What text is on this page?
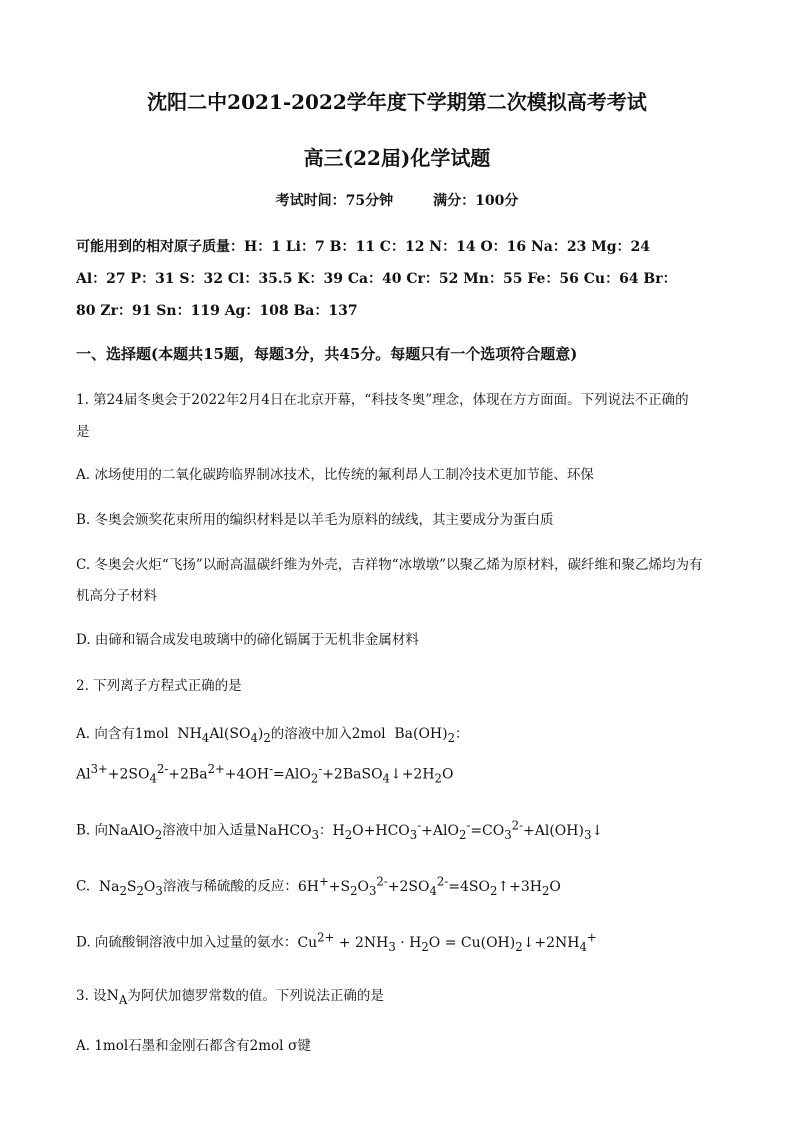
沈阳二中2021-2022学年度下学期第二次模拟高考考试
高三(22届)化学试题
考试时间：75分钟	满分：100分
可能用到的相对原子质量：H：1 Li：7 B：11 C：12 N：14 O：16 Na：23 Mg：24
Al：27 P：31 S：32 Cl：35.5 K：39 Ca：40 Cr：52 Mn：55 Fe：56 Cu：64 Br：
80 Zr：91 Sn：119 Ag：108 Ba：137
一、选择题(本题共15题，每题3分，共45分。每题只有一个选项符合题意)
1. 第24届冬奥会于2022年2月4日在北京开幕，“科技冬奥”理念，体现在方方面面。下列说法不正确的
是
A. 冰场使用的二氧化碳跨临界制冰技术，比传统的氟利昂人工制冷技术更加节能、环保
B. 冬奥会颁奖花束所用的编织材料是以羊毛为原料的绒线，其主要成分为蛋白质
C. 冬奥会火炬“飞扬”以耐高温碳纤维为外壳，吉祥物“冰墩墩”以聚乙烯为原材料，碳纤维和聚乙烯均为有
机高分子材料
D. 由碲和镉合成发电玻璃中的碲化镉属于无机非金属材料
2. 下列离子方程式正确的是
A. 向含有1mol  $NH_4Al(SO_4)_2$的溶液中加入2mol  $Ba(OH)_2$：
$Al^{3+}+2SO_4^{2-}+2Ba^{2+}+4OH^-=AlO_2^-+2BaSO_4↓+2H_2O$
B. 向NaAlO$_2$溶液中加入适量NaHCO$_3$：$H_2O+HCO_3^-+AlO_2^-=CO_3^{2-}+Al(OH)_3↓$
C.  $Na_2S_2O_3$溶液与稀硫酸的反应：$6H^++S_2O_3^{2-}+2SO_4^{2-}=4SO_2↑+3H_2O$
D. 向硫酸铜溶液中加入过量的氨水：$Cu^{2+} + 2NH_3 \cdot H_2O$ = $Cu(OH)_2↓+2NH_4^+$
3. 设$N_A$为阿伏加德罗常数的值。下列说法正确的是
A. 1mol石墨和金刚石都含有2mol σ键
